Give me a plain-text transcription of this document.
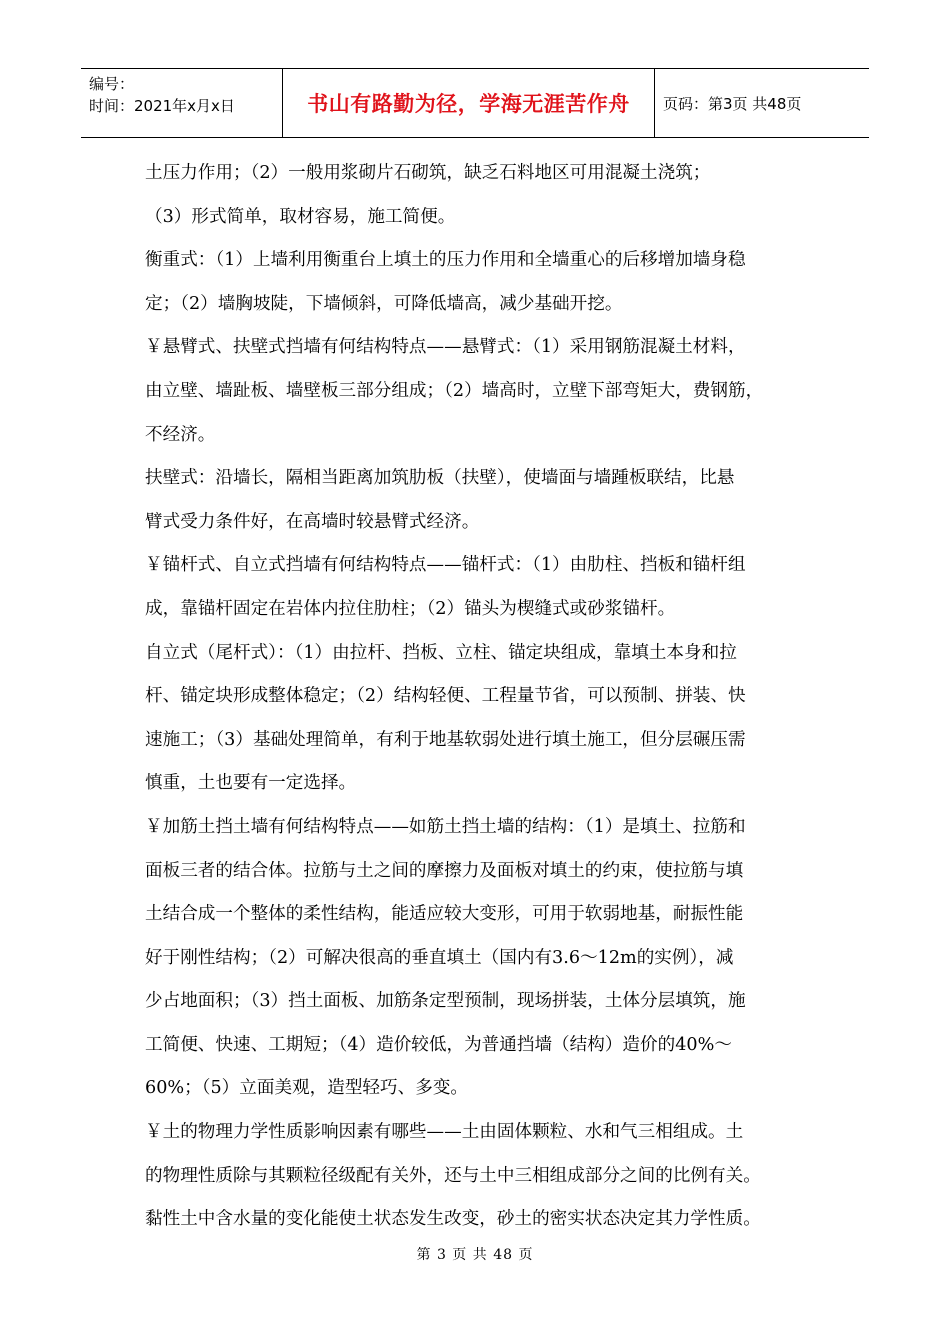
编号：
时间：2021年x月x日	书山有路勤为径，学海无涯苦作舟 页码：第3页 共48页
土压力作用；（2）一般用浆砌片石砌筑，缺乏石料地区可用混凝土浇筑；
（3）形式简单，取材容易，施工简便。
衡重式：（1）上墙利用衡重台上填土的压力作用和全墙重心的后移增加墙身稳
定；（2）墙胸坡陡，下墙倾斜，可降低墙高，减少基础开挖。
￥悬臂式、扶壁式挡墙有何结构特点——悬臂式：（1）采用钢筋混凝土材料，
由立壁、墙趾板、墙壁板三部分组成；（2）墙高时，立壁下部弯矩大，费钢筋，
不经济。
扶壁式：沿墙长，隔相当距离加筑肋板（扶壁），使墙面与墙踵板联结，比悬
臂式受力条件好，在高墙时较悬臂式经济。
￥锚杆式、自立式挡墙有何结构特点——锚杆式：（1）由肋柱、挡板和锚杆组
成，靠锚杆固定在岩体内拉住肋柱；（2）锚头为楔缝式或砂浆锚杆。
自立式（尾杆式）：（1）由拉杆、挡板、立柱、锚定块组成，靠填土本身和拉
杆、锚定块形成整体稳定；（2）结构轻便、工程量节省，可以预制、拼装、快
速施工；（3）基础处理简单，有利于地基软弱处进行填土施工，但分层碾压需
慎重，土也要有一定选择。
￥加筋土挡土墙有何结构特点——如筋土挡土墙的结构：（1）是填土、拉筋和
面板三者的结合体。拉筋与土之间的摩擦力及面板对填土的约束，使拉筋与填
土结合成一个整体的柔性结构，能适应较大变形，可用于软弱地基，耐振性能
好于刚性结构；（2）可解决很高的垂直填土（国内有3.6～12m的实例），减
少占地面积；（3）挡土面板、加筋条定型预制，现场拼装，土体分层填筑，施
工简便、快速、工期短；（4）造价较低，为普通挡墙（结构）造价的40%～
60%；（5）立面美观，造型轻巧、多变。
￥土的物理力学性质影响因素有哪些——土由固体颗粒、水和气三相组成。土
的物理性质除与其颗粒径级配有关外，还与土中三相组成部分之间的比例有关。
黏性土中含水量的变化能使土状态发生改变，砂土的密实状态决定其力学性质。
第 3 页 共 48 页
